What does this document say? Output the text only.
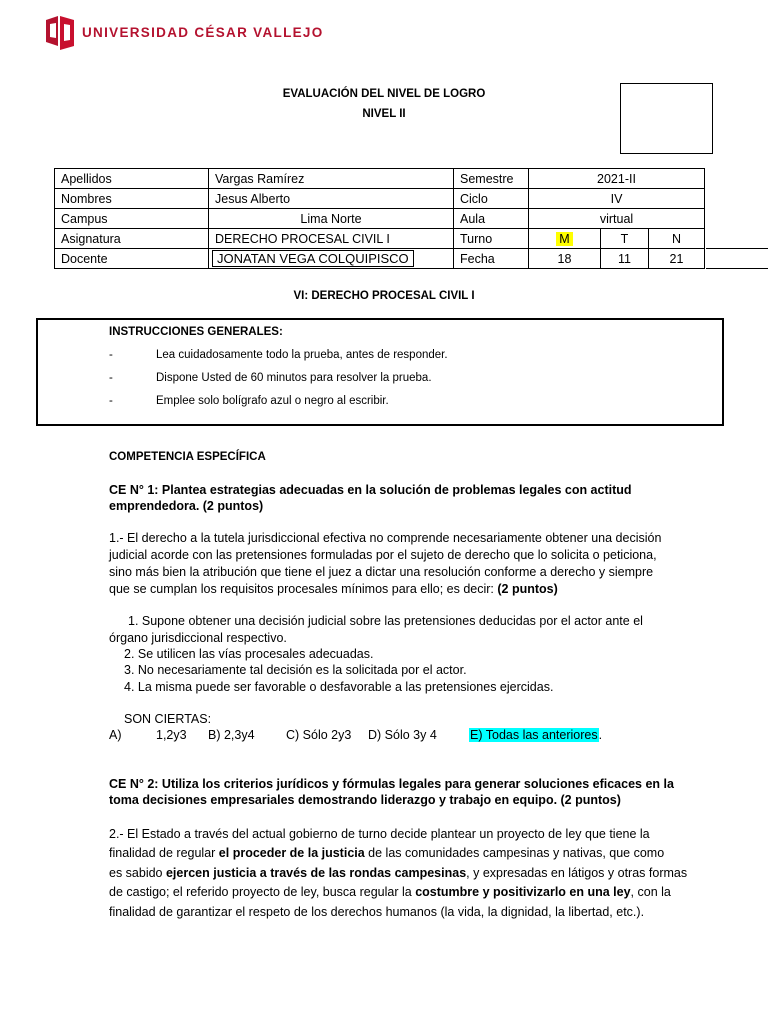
UNIVERSIDAD CÉSAR VALLEJO
EVALUACIÓN DEL NIVEL DE LOGRO
NIVEL II
Apellidos	Vargas Ramírez	Semestre	2021-II		
Nombres	Jesus Alberto	Ciclo	IV		
Campus	Lima Norte	Aula	virtual		
Asignatura	DERECHO PROCESAL CIVIL I	Turno	M	T	N
Docente	JONATAN VEGA COLQUIPISCO	Fecha	18	11	21
VI: DERECHO PROCESAL CIVIL I
INSTRUCCIONES GENERALES:
-	Lea cuidadosamente todo la prueba, antes de responder.
-	Dispone Usted de 60 minutos para resolver la prueba.
-	Emplee solo bolígrafo azul o negro al escribir.
COMPETENCIA ESPECÍFICA
CE N° 1: Plantea estrategias adecuadas en la solución de problemas legales con actitud
emprendedora. (2 puntos)
1.- El derecho a la tutela jurisdiccional efectiva no comprende necesariamente obtener una decisión
judicial acorde con las pretensiones formuladas por el sujeto de derecho que lo solicita o peticiona,
sino más bien la atribución que tiene el juez a dictar una resolución conforme a derecho y siempre
que se cumplan los requisitos procesales mínimos para ello; es decir: (2 puntos)
1. Supone obtener una decisión judicial sobre las pretensiones deducidas por el actor ante el
órgano jurisdiccional respectivo.
2. Se utilicen las vías procesales adecuadas.
3. No necesariamente tal decisión es la solicitada por el actor.
4. La misma puede ser favorable o desfavorable a las pretensiones ejercidas.
SON CIERTAS:
A)	1,2y3 B) 2,3y4	C) Sólo 2y3 D) Sólo 3y 4	E) Todas las anteriores.
CE N° 2: Utiliza los criterios jurídicos y fórmulas legales para generar soluciones eficaces en la
toma decisiones empresariales demostrando liderazgo y trabajo en equipo. (2 puntos)
2.- El Estado a través del actual gobierno de turno decide plantear un proyecto de ley que tiene la
finalidad de regular el proceder de la justicia de las comunidades campesinas y nativas, que como
es sabido ejercen justicia a través de las rondas campesinas, y expresadas en látigos y otras formas
de castigo; el referido proyecto de ley, busca regular la costumbre y positivizarlo en una ley, con la
finalidad de garantizar el respeto de los derechos humanos (la vida, la dignidad, la libertad, etc.).
